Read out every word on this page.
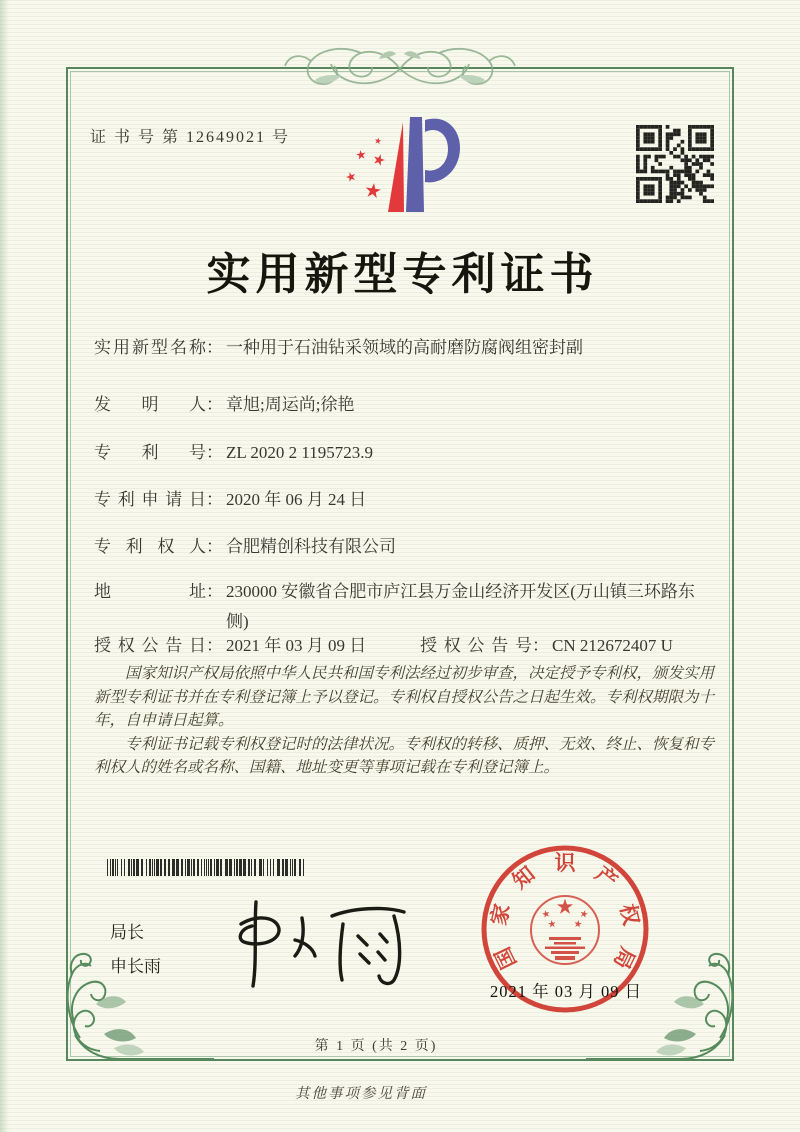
证 书 号 第 12649021 号
实用新型专利证书
实用新型名称 ： 一种用于石油钻采领域的高耐磨防腐阀组密封副
发明人 ： 章旭;周运尚;徐艳
专利号 ： ZL 2020 2 1195723.9
专利申请日 ： 2020 年 06 月 24 日
专利权人 ： 合肥精创科技有限公司
地址 ： 230000 安徽省合肥市庐江县万金山经济开发区(万山镇三环路东侧)
授权公告日 ： 2021 年 03 月 09 日	授权公告号 ： CN 212672407 U

国家知识产权局依照中华人民共和国专利法经过初步审查，决定授予专利权，颁发实用新型专利证书并在专利登记簿上予以登记。专利权自授权公告之日起生效。专利权期限为十年，自申请日起算。

专利证书记载专利权登记时的法律状况。专利权的转移、质押、无效、终止、恢复和专利权人的姓名或名称、国籍、地址变更等事项记载在专利登记簿上。

局长
申长雨	国
家
知 识 产
权
局
2021 年 03 月 09 日
第 1 页 (共 2 页)
其他事项参见背面
